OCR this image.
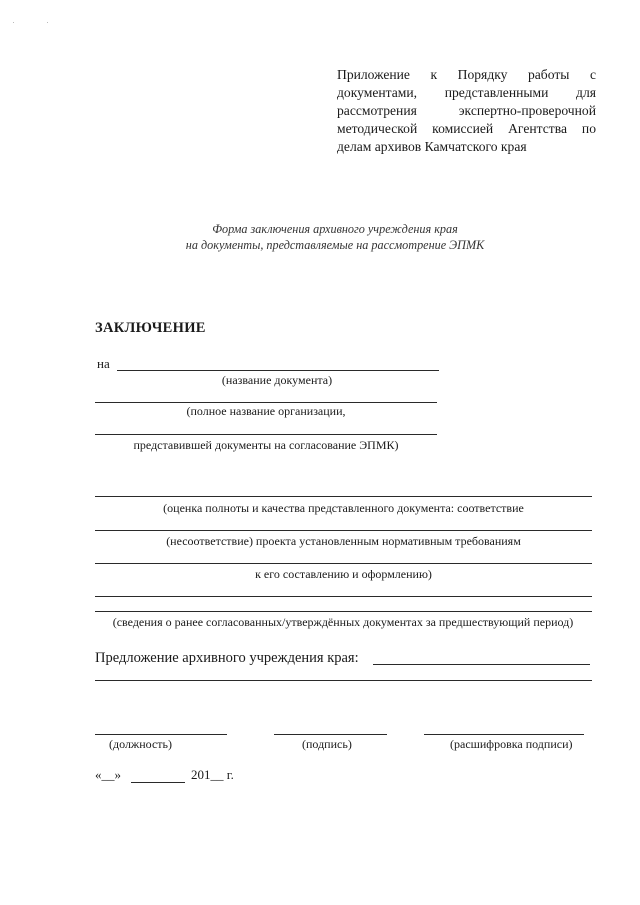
Приложение к Порядку работы с
документами, представленными для
рассмотрения экспертно-проверочной
методической комиссией Агентства по
делам архивов Камчатского края
Форма заключения архивного учреждения края
на документы, представляемые на рассмотрение ЭПМК
ЗАКЛЮЧЕНИЕ
на
(название документа)
(полное название организации,
представившей документы на согласование ЭПМК)
(оценка полноты и качества представленного документа: соответствие
(несоответствие) проекта установленным нормативным требованиям
к его составлению и оформлению)
(сведения о ранее согласованных/утверждённых документах за предшествующий период)
Предложение архивного учреждения края:
(должность)	(подпись)	(расшифровка подписи)
«__»	201__ г.
